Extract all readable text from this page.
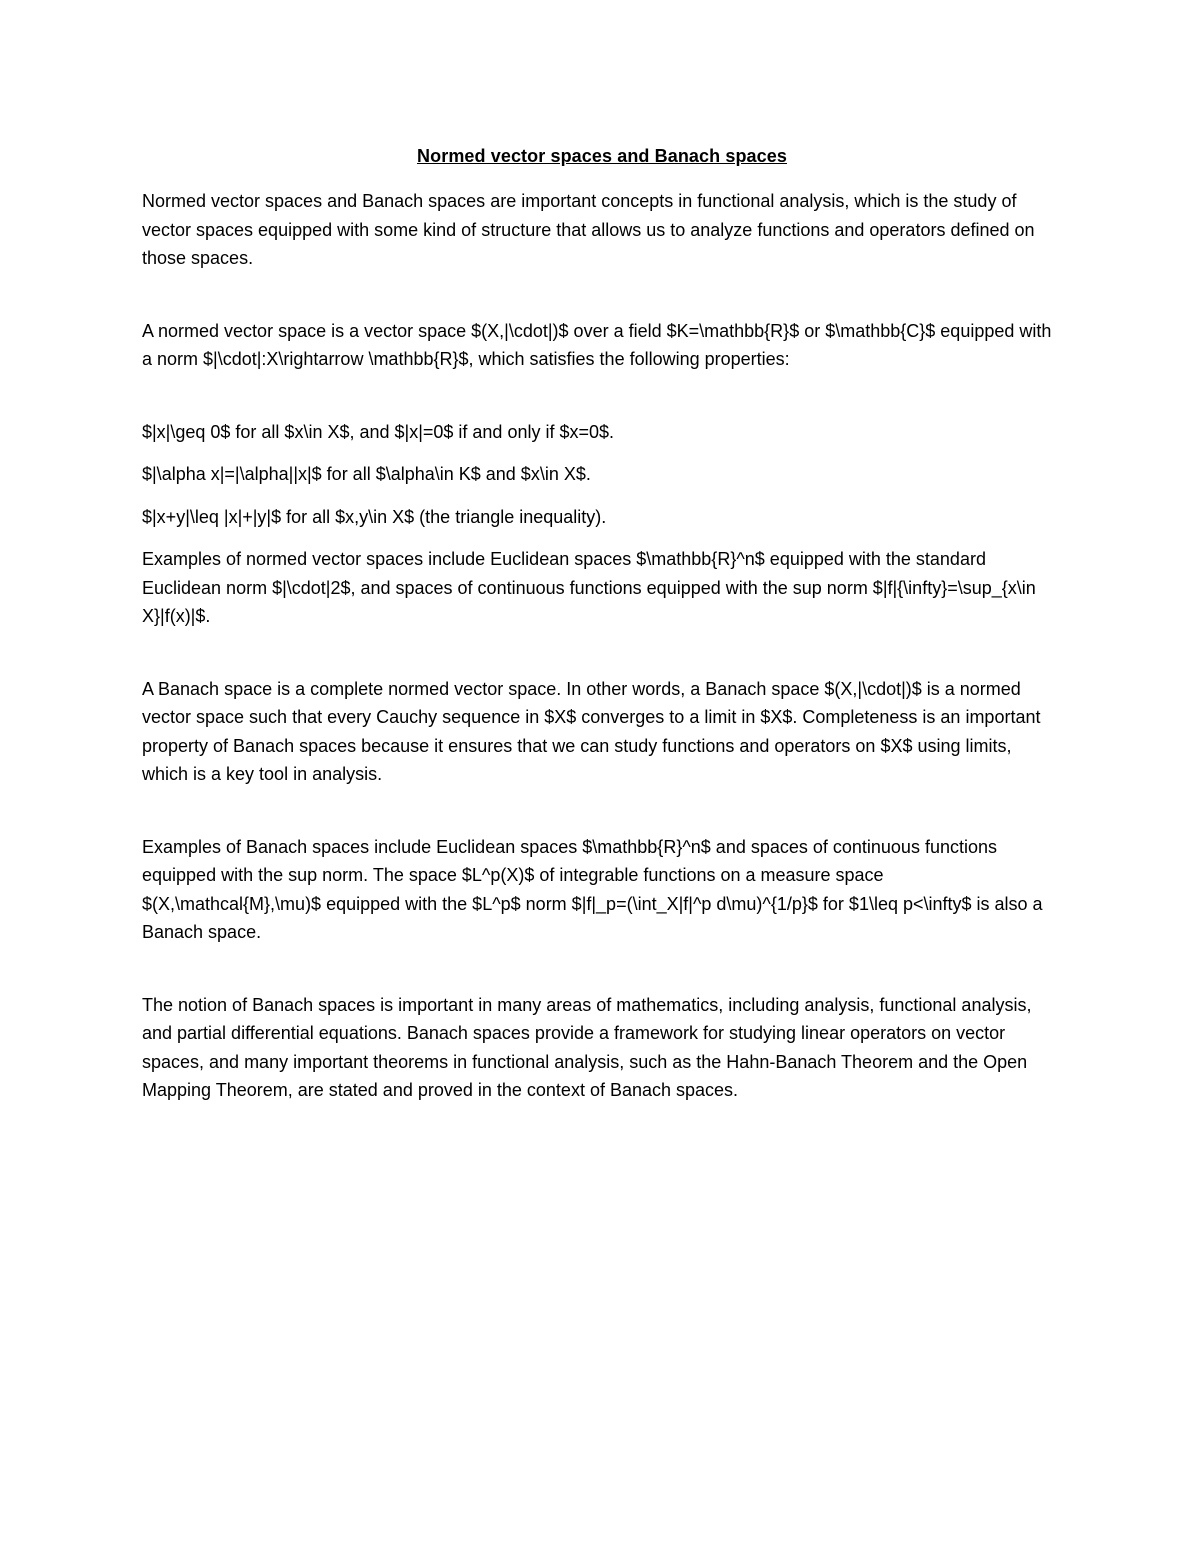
Normed vector spaces and Banach spaces

Normed vector spaces and Banach spaces are important concepts in functional analysis, which is the study of vector spaces equipped with some kind of structure that allows us to analyze functions and operators defined on those spaces.

A normed vector space is a vector space $(X,|\cdot|)$ over a field $K=\mathbb{R}$ or $\mathbb{C}$ equipped with a norm $|\cdot|:X\rightarrow \mathbb{R}$, which satisfies the following properties:

$|x|\geq 0$ for all $x\in X$, and $|x|=0$ if and only if $x=0$.

$|\alpha x|=|\alpha||x|$ for all $\alpha\in K$ and $x\in X$.

$|x+y|\leq |x|+|y|$ for all $x,y\in X$ (the triangle inequality).

Examples of normed vector spaces include Euclidean spaces $\mathbb{R}^n$ equipped with the standard Euclidean norm $|\cdot|2$, and spaces of continuous functions equipped with the sup norm $|f|{\infty}=\sup_{x\in X}|f(x)|$.

A Banach space is a complete normed vector space. In other words, a Banach space $(X,|\cdot|)$ is a normed vector space such that every Cauchy sequence in $X$ converges to a limit in $X$. Completeness is an important property of Banach spaces because it ensures that we can study functions and operators on $X$ using limits, which is a key tool in analysis.

Examples of Banach spaces include Euclidean spaces $\mathbb{R}^n$ and spaces of continuous functions equipped with the sup norm. The space $L^p(X)$ of integrable functions on a measure space $(X,\mathcal{M},\mu)$ equipped with the $L^p$ norm $|f|_p=(\int_X|f|^p d\mu)^{1/p}$ for $1\leq p<\infty$ is also a Banach space.

The notion of Banach spaces is important in many areas of mathematics, including analysis, functional analysis, and partial differential equations. Banach spaces provide a framework for studying linear operators on vector spaces, and many important theorems in functional analysis, such as the Hahn-Banach Theorem and the Open Mapping Theorem, are stated and proved in the context of Banach spaces.
